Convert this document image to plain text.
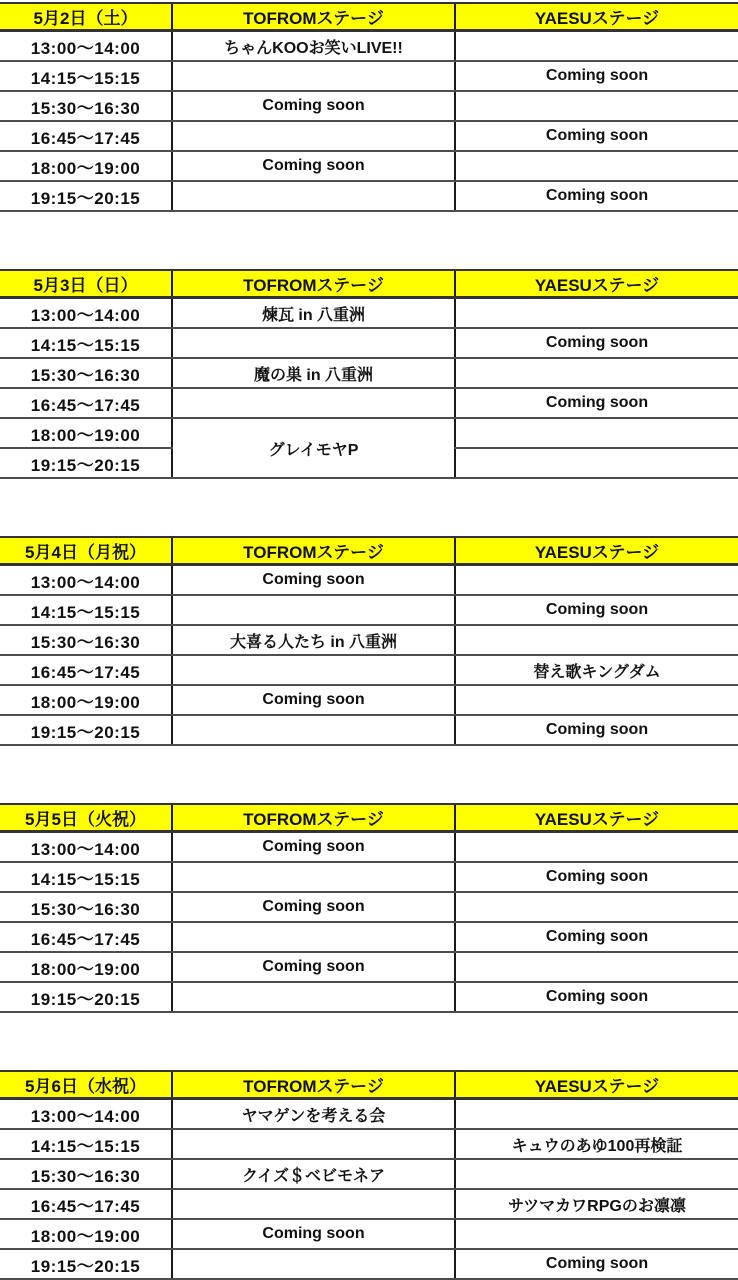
5月2日（土）	TOFROMステージ	YAESUステージ
13:00～14:00	ちゃんKOOお笑いLIVE!!	
14:15～15:15		Coming soon
15:30～16:30	Coming soon	
16:45～17:45		Coming soon
18:00～19:00	Coming soon	
19:15～20:15		Coming soon
5月3日（日）	TOFROMステージ	YAESUステージ
13:00～14:00	煉瓦 in 八重洲	
14:15～15:15		Coming soon
15:30～16:30	魔の巣 in 八重洲	
16:45～17:45		Coming soon
18:00～19:00	グレイモヤP	
19:15～20:15		
5月4日（月祝）	TOFROMステージ	YAESUステージ
13:00～14:00	Coming soon	
14:15～15:15		Coming soon
15:30～16:30	大喜る人たち in 八重洲	
16:45～17:45		替え歌キングダム
18:00～19:00	Coming soon	
19:15～20:15		Coming soon
5月5日（火祝）	TOFROMステージ	YAESUステージ
13:00～14:00	Coming soon	
14:15～15:15		Coming soon
15:30～16:30	Coming soon	
16:45～17:45		Coming soon
18:00～19:00	Coming soon	
19:15～20:15		Coming soon
5月6日（水祝）	TOFROMステージ	YAESUステージ
13:00～14:00	ヤマゲンを考える会	
14:15～15:15		キュウのあゆ100再検証
15:30～16:30	クイズ＄ベビモネア	
16:45～17:45		サツマカワRPGのお凛凛
18:00～19:00	Coming soon	
19:15～20:15		Coming soon
